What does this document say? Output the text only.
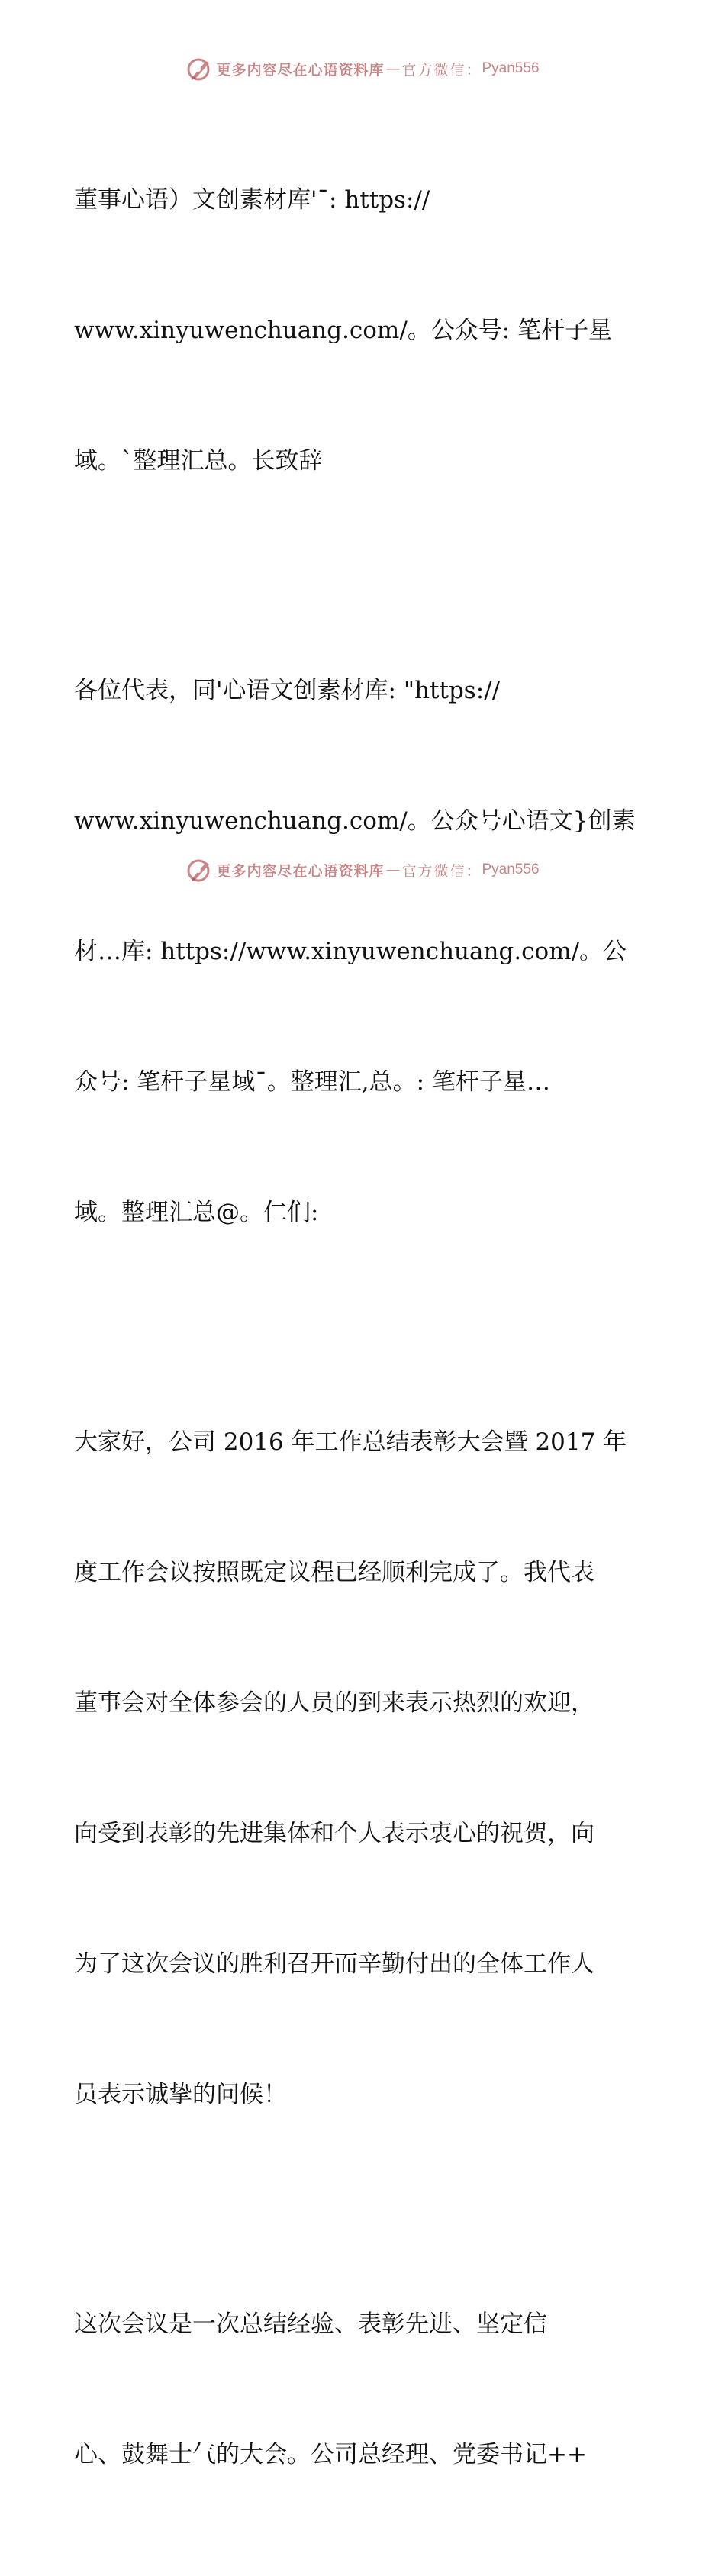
更多内容尽在心语资料库 — 官方微信： Pyan556

董事心语）文创素材库'¯: https://

www.xinyuwenchuang.com/。公众号: 笔杆子星

域。`整理汇总。长致辞

各位代表，同'心语文创素材库: "https://

www.xinyuwenchuang.com/。公众号心语文}创素

材…库: https://www.xinyuwenchuang.com/。公

众号: 笔杆子星域¯。整理汇,总。: 笔杆子星…

域。整理汇总@。仁们:

大家好，公司 2016 年工作总结表彰大会暨 2017 年

度工作会议按照既定议程已经顺利完成了。我代表

董事会对全体参会的人员的到来表示热烈的欢迎，

向受到表彰的先进集体和个人表示衷心的祝贺，向

为了这次会议的胜利召开而辛勤付出的全体工作人

员表示诚挚的问候！

这次会议是一次总结经验、表彰先进、坚定信

心、鼓舞士气的大会。公司总经理、党委书记++

更多内容尽在心语资料库 — 官方微信： Pyan556
